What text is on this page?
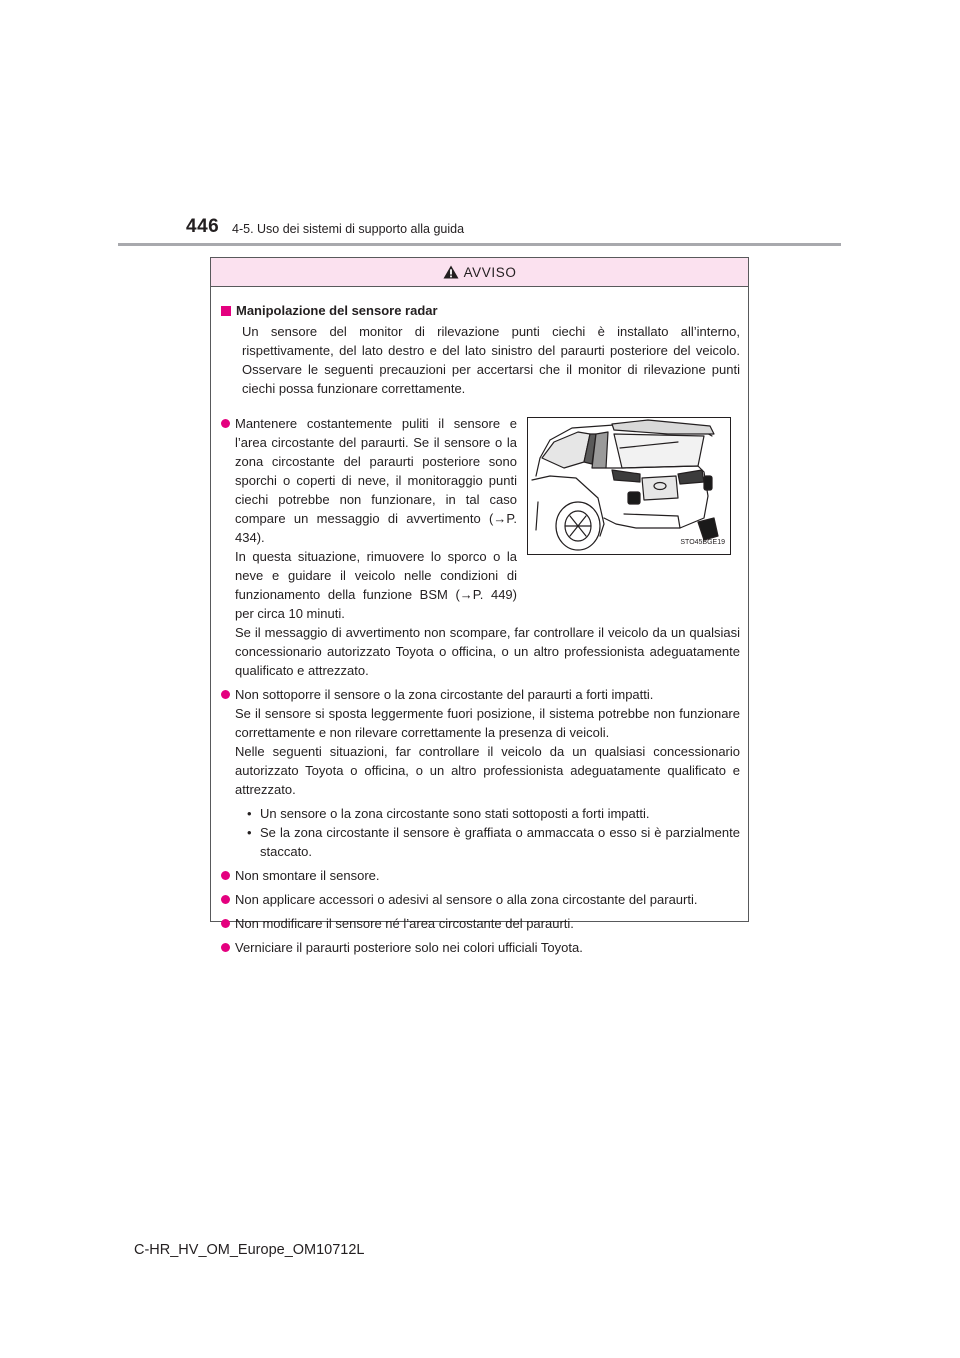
446 4-5. Uso dei sistemi di supporto alla guida
AVVISO
Manipolazione del sensore radar

Un sensore del monitor di rilevazione punti ciechi è installato all’interno, rispettivamente, del lato destro e del lato sinistro del paraurti posteriore del veicolo. Osservare le seguenti precauzioni per accertarsi che il monitor di rilevazione punti ciechi possa funzionare correttamente.

Mantenere costantemente puliti il sensore e l’area circostante del paraurti. Se il sensore o la zona circostante del paraurti posteriore sono sporchi o coperti di neve, il monitoraggio punti ciechi potrebbe non funzionare, in tal caso compare un messaggio di avvertimento (→P. 434).

In questa situazione, rimuovere lo sporco o la neve e guidare il veicolo nelle condizioni di funzionamento della funzione BSM (→P. 449) per circa 10 minuti.

Se il messaggio di avvertimento non scompare, far controllare il veicolo da un qualsiasi concessionario autorizzato Toyota o officina, o un altro professionista adeguatamente qualificato e attrezzato.

STO45BGE19

Non sottoporre il sensore o la zona circostante del paraurti a forti impatti.

Se il sensore si sposta leggermente fuori posizione, il sistema potrebbe non funzionare correttamente e non rilevare correttamente la presenza di veicoli.

Nelle seguenti situazioni, far controllare il veicolo da un qualsiasi concessionario autorizzato Toyota o officina, o un altro professionista adeguatamente qualificato e attrezzato.

• Un sensore o la zona circostante sono stati sottoposti a forti impatti.
• Se la zona circostante il sensore è graffiata o ammaccata o esso si è parzialmente staccato.
Non smontare il sensore.
Non applicare accessori o adesivi al sensore o alla zona circostante del paraurti.
Non modificare il sensore né l’area circostante del paraurti.
Verniciare il paraurti posteriore solo nei colori ufficiali Toyota.
C-HR_HV_OM_Europe_OM10712L
